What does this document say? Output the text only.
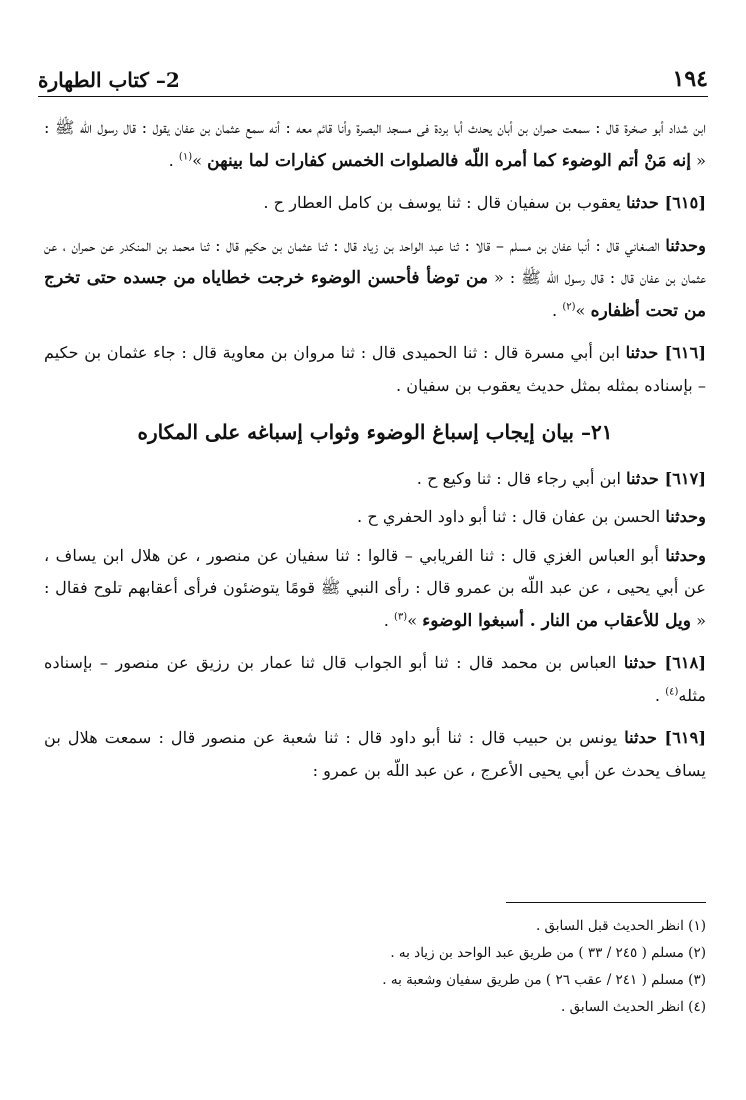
١٩٤
2– كتاب الطهارة

ابن شداد أبو صخرة قال : سمعت حمران بن أبان يحدث أبا بردة فى مسجد البصرة وأنا قائم معه : أنه سمع عثمان بن عفان يقول : قال رسول اللّه ﷺ : « إنه مَنْ أتم الوضوء كما أمره اللّه فالصلوات الخمس كفارات لما بينهن »$^{(١)}$ .

[٦١٥] حدثنا يعقوب بن سفيان قال : ثنا يوسف بن كامل العطار ح .

وحدثنا الصغاني قال : أنبا عفان بن مسلم – قالا : ثنا عبد الواحد بن زياد قال : ثنا عثمان بن حكيم قال : ثنا محمد بن المنكدر عن حمران ، عن عثمان بن عفان قال : قال رسول اللّه ﷺ : « من توضأ فأحسن الوضوء خرجت خطاياه من جسده حتى تخرج من تحت أظفاره »$^{(٢)}$ .

[٦١٦] حدثنا ابن أبي مسرة قال : ثنا الحميدى قال : ثنا مروان بن معاوية قال : جاء عثمان بن حكيم – بإسناده بمثله بمثل حديث يعقوب بن سفيان .

٢١– بيان إيجاب إسباغ الوضوء وثواب إسباغه على المكاره

[٦١٧] حدثنا ابن أبي رجاء قال : ثنا وكيع ح .

وحدثنا الحسن بن عفان قال : ثنا أبو داود الحفري ح .

وحدثنا أبو العباس الغزي قال : ثنا الفريابي – قالوا : ثنا سفيان عن منصور ، عن هلال ابن يساف ، عن أبي يحيى ، عن عبد اللّه بن عمرو قال : رأى النبي ﷺ قومًا يتوضئون فرأى أعقابهم تلوح فقال : « ويل للأعقاب من النار . أسبغوا الوضوء »$^{(٣)}$ .

[٦١٨] حدثنا العباس بن محمد قال : ثنا أبو الجواب قال ثنا عمار بن رزيق عن منصور – بإسناده مثله$^{(٤)}$ .

[٦١٩] حدثنا يونس بن حبيب قال : ثنا أبو داود قال : ثنا شعبة عن منصور قال : سمعت هلال بن يساف يحدث عن أبي يحيى الأعرج ، عن عبد اللّه بن عمرو :

(١) انظر الحديث قبل السابق .

(٢) مسلم ( ٢٤٥ / ٣٣ ) من طريق عبد الواحد بن زياد به .

(٣) مسلم ( ٢٤١ / عقب ٢٦ ) من طريق سفيان وشعبة به .

(٤) انظر الحديث السابق .
